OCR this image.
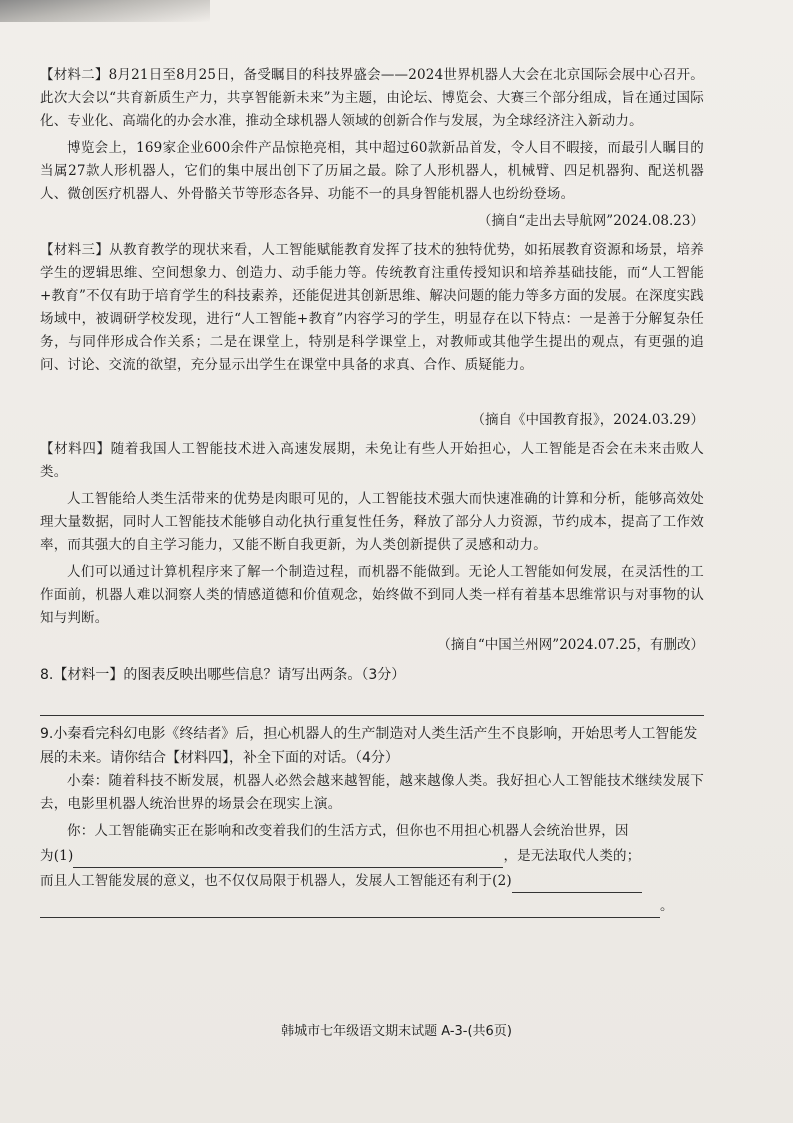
【材料二】8月21日至8月25日，备受瞩目的科技界盛会——2024世界机器人大会在北京国际会展中心召开。此次大会以“共育新质生产力，共享智能新未来”为主题，由论坛、博览会、大赛三个部分组成，旨在通过国际化、专业化、高端化的办会水准，推动全球机器人领域的创新合作与发展，为全球经济注入新动力。

博览会上，169家企业600余件产品惊艳亮相，其中超过60款新品首发，令人目不暇接，而最引人瞩目的当属27款人形机器人，它们的集中展出创下了历届之最。除了人形机器人，机械臂、四足机器狗、配送机器人、微创医疗机器人、外骨骼关节等形态各异、功能不一的具身智能机器人也纷纷登场。

（摘自“走出去导航网”2024.08.23）

【材料三】从教育教学的现状来看，人工智能赋能教育发挥了技术的独特优势，如拓展教育资源和场景，培养学生的逻辑思维、空间想象力、创造力、动手能力等。传统教育注重传授知识和培养基础技能，而“人工智能+教育”不仅有助于培育学生的科技素养，还能促进其创新思维、解决问题的能力等多方面的发展。在深度实践场域中，被调研学校发现，进行“人工智能+教育”内容学习的学生，明显存在以下特点：一是善于分解复杂任务，与同伴形成合作关系；二是在课堂上，特别是科学课堂上，对教师或其他学生提出的观点，有更强的追问、讨论、交流的欲望，充分显示出学生在课堂中具备的求真、合作、质疑能力。

（摘自《中国教育报》，2024.03.29）

【材料四】随着我国人工智能技术进入高速发展期，未免让有些人开始担心，人工智能是否会在未来击败人类。

人工智能给人类生活带来的优势是肉眼可见的，人工智能技术强大而快速准确的计算和分析，能够高效处理大量数据，同时人工智能技术能够自动化执行重复性任务，释放了部分人力资源，节约成本，提高了工作效率，而其强大的自主学习能力，又能不断自我更新，为人类创新提供了灵感和动力。

人们可以通过计算机程序来了解一个制造过程，而机器不能做到。无论人工智能如何发展，在灵活性的工作面前，机器人难以洞察人类的情感道德和价值观念，始终做不到同人类一样有着基本思维常识与对事物的认知与判断。

（摘自“中国兰州网”2024.07.25，有删改）

8.【材料一】的图表反映出哪些信息？请写出两条。（3分）

9.小秦看完科幻电影《终结者》后，担心机器人的生产制造对人类生活产生不良影响，开始思考人工智能发展的未来。请你结合【材料四】，补全下面的对话。（4分）

小秦：随着科技不断发展，机器人必然会越来越智能，越来越像人类。我好担心人工智能技术继续发展下去，电影里机器人统治世界的场景会在现实上演。

你：人工智能确实正在影响和改变着我们的生活方式，但你也不用担心机器人会统治世界，因

为(1)	，是无法取代人类的；

而且人工智能发展的意义，也不仅仅局限于机器人，发展人工智能还有利于(2)

。

韩城市七年级语文期末试题 A-3-(共6页)
